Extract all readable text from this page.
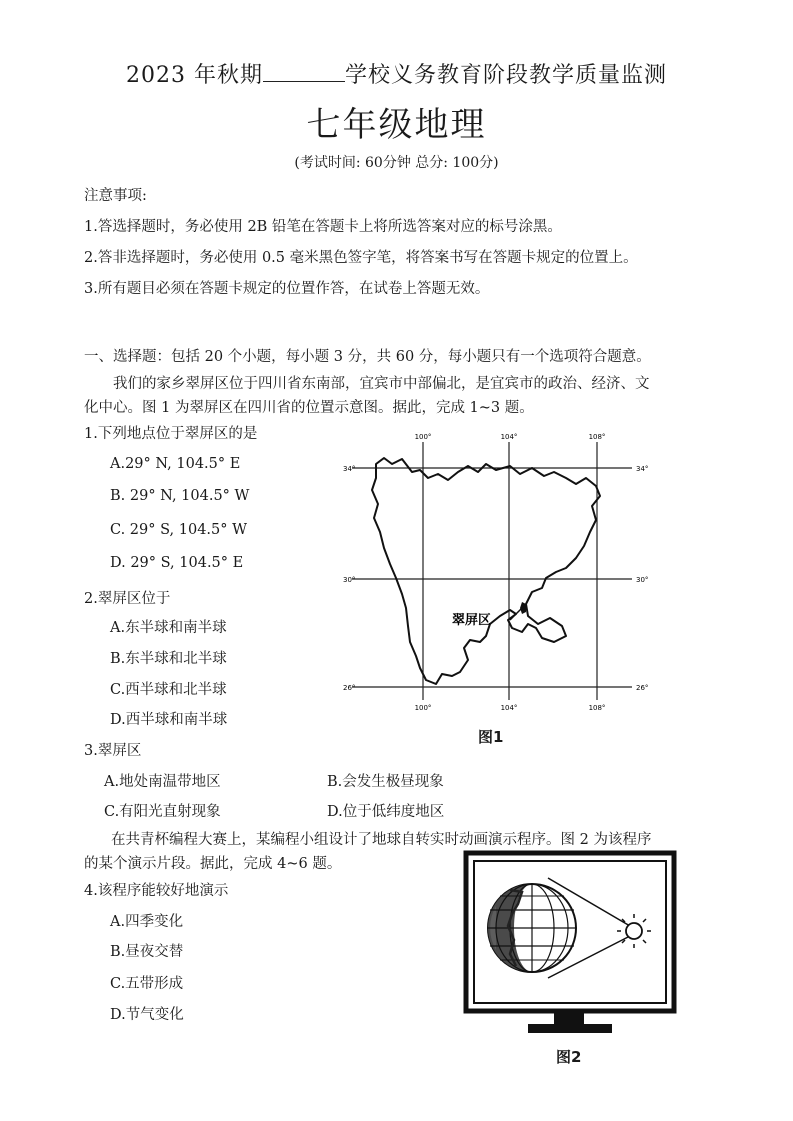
2023 年秋期	学校义务教育阶段教学质量监测
七年级地理
(考试时间: 60分钟 总分: 100分)
注意事项:
1.答选择题时，务必使用 2B 铅笔在答题卡上将所选答案对应的标号涂黑。
2.答非选择题时，务必使用 0.5 毫米黑色签字笔，将答案书写在答题卡规定的位置上。
3.所有题目必须在答题卡规定的位置作答，在试卷上答题无效。
一、选择题：包括 20 个小题，每小题 3 分，共 60 分，每小题只有一个选项符合题意。
我们的家乡翠屏区位于四川省东南部，宜宾市中部偏北，是宜宾市的政治、经济、文
化中心。图 1 为翠屏区在四川省的位置示意图。据此，完成 1~3 题。
1.下列地点位于翠屏区的是
A.29° N, 104.5° E
B. 29° N, 104.5° W
C. 29° S, 104.5° W
D. 29° S, 104.5° E
2.翠屏区位于
A.东半球和南半球
B.东半球和北半球
C.西半球和北半球
D.西半球和南半球
3.翠屏区
A.地处南温带地区	B.会发生极昼现象
C.有阳光直射现象	D.位于低纬度地区
在共青杯编程大赛上，某编程小组设计了地球自转实时动画演示程序。图 2 为该程序
的某个演示片段。据此，完成 4~6 题。
4.该程序能较好地演示
A.四季变化
B.昼夜交替
C.五带形成
D.节气变化
100°	104°	108°
100°	104°	108°
34°
30°
26°
34°
30°
26°
翠屏区
图1
图2
